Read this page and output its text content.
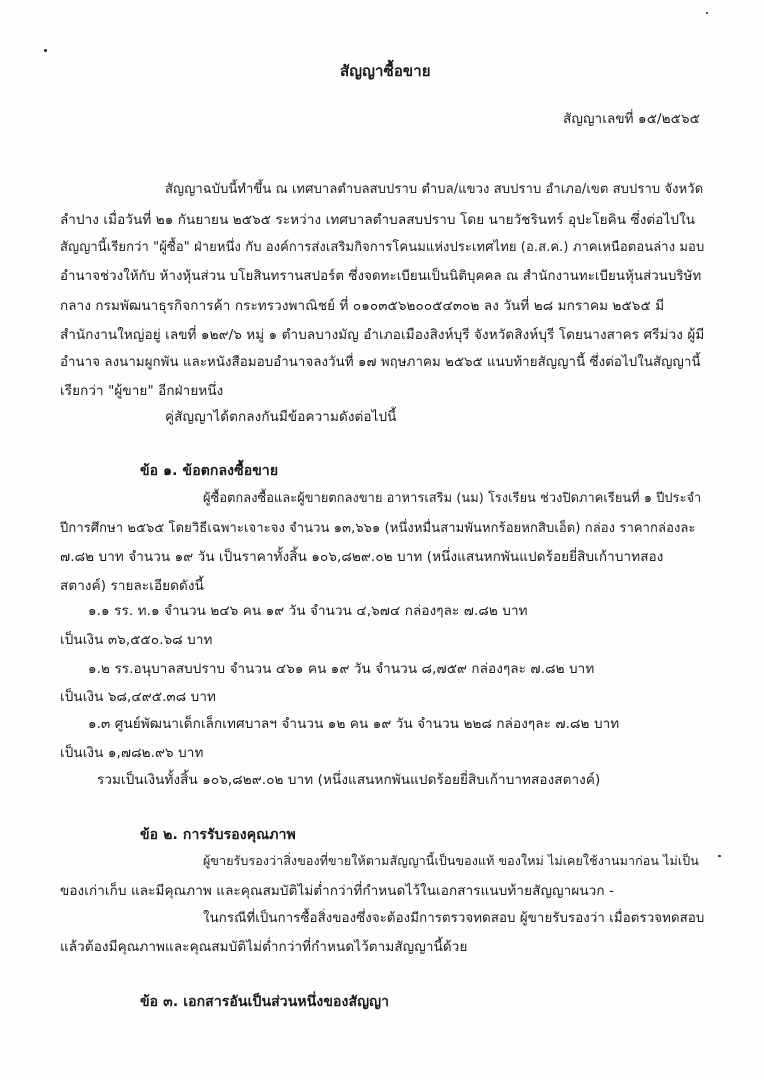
สัญญาซื้อขาย
สัญญาเลขที่ ๑๕/๒๕๖๕
สัญญาฉบับนี้ทำขึ้น ณ เทศบาลตำบลสบปราบ ตำบล/แขวง สบปราบ อำเภอ/เขต สบปราบ จังหวัด
ลำปาง เมื่อวันที่ ๒๑ กันยายน ๒๕๖๕ ระหว่าง เทศบาลตำบลสบปราบ โดย นายวัชรินทร์ อุปะโยคิน ซึ่งต่อไปใน
สัญญานี้เรียกว่า "ผู้ซื้อ" ฝ่ายหนึ่ง กับ องค์การส่งเสริมกิจการโคนมแห่งประเทศไทย (อ.ส.ค.) ภาคเหนือตอนล่าง มอบ
อำนาจช่วงให้กับ ห้างหุ้นส่วน บโยสินทรานสปอร์ต ซึ่งจดทะเบียนเป็นนิติบุคคล ณ สำนักงานทะเบียนหุ้นส่วนบริษัท
กลาง กรมพัฒนาธุรกิจการค้า กระทรวงพาณิชย์ ที่ ๐๑๐๓๕๖๒๐๐๕๔๓๐๒ ลง วันที่ ๒๘ มกราคม ๒๕๖๕ มี
สำนักงานใหญ่อยู่ เลขที่ ๑๒๙/๖ หมู่ ๑ ตำบลบางมัญ อำเภอเมืองสิงห์บุรี จังหวัดสิงห์บุรี โดยนางสาคร ศรีม่วง ผู้มี
อำนาจ ลงนามผูกพัน และหนังสือมอบอำนาจลงวันที่ ๑๗ พฤษภาคม ๒๕๖๕ แนบท้ายสัญญานี้ ซึ่งต่อไปในสัญญานี้
เรียกว่า "ผู้ขาย" อีกฝ่ายหนึ่ง
คู่สัญญาได้ตกลงกันมีข้อความดังต่อไปนี้
ข้อ ๑. ข้อตกลงซื้อขาย
ผู้ซื้อตกลงซื้อและผู้ขายตกลงขาย อาหารเสริม (นม) โรงเรียน ช่วงปิดภาคเรียนที่ ๑ ปีประจำ
ปีการศึกษา ๒๕๖๕ โดยวิธีเฉพาะเจาะจง จำนวน ๑๓,๖๖๑ (หนึ่งหมื่นสามพันหกร้อยหกสิบเอ็ด) กล่อง ราคากล่องละ
๗.๘๒ บาท จำนวน ๑๙ วัน เป็นราคาทั้งสิ้น ๑๐๖,๘๒๙.๐๒ บาท (หนึ่งแสนหกพันแปดร้อยยี่สิบเก้าบาทสอง
สตางค์) รายละเอียดดังนี้
๑.๑ รร. ท.๑ จำนวน ๒๔๖ คน ๑๙ วัน จำนวน ๔,๖๗๔ กล่องๆละ ๗.๘๒ บาท
เป็นเงิน ๓๖,๕๕๐.๖๘ บาท
๑.๒ รร.อนุบาลสบปราบ จำนวน ๔๖๑ คน ๑๙ วัน จำนวน ๘,๗๕๙ กล่องๆละ ๗.๘๒ บาท
เป็นเงิน ๖๘,๔๙๕.๓๘ บาท
๑.๓ ศูนย์พัฒนาเด็กเล็กเทศบาลฯ จำนวน ๑๒ คน ๑๙ วัน จำนวน ๒๒๘ กล่องๆละ ๗.๘๒ บาท
เป็นเงิน ๑,๗๘๒.๙๖ บาท
รวมเป็นเงินทั้งสิ้น ๑๐๖,๘๒๙.๐๒ บาท (หนึ่งแสนหกพันแปดร้อยยี่สิบเก้าบาทสองสตางค์)
ข้อ ๒. การรับรองคุณภาพ
ผู้ขายรับรองว่าสิ่งของที่ขายให้ตามสัญญานี้เป็นของแท้ ของใหม่ ไม่เคยใช้งานมาก่อน ไม่เป็น
ของเก่าเก็บ และมีคุณภาพ และคุณสมบัติไม่ต่ำกว่าที่กำหนดไว้ในเอกสารแนบท้ายสัญญาผนวก -
ในกรณีที่เป็นการซื้อสิ่งของซึ่งจะต้องมีการตรวจทดสอบ ผู้ขายรับรองว่า เมื่อตรวจทดสอบ
แล้วต้องมีคุณภาพและคุณสมบัติไม่ต่ำกว่าที่กำหนดไว้ตามสัญญานี้ด้วย
ข้อ ๓. เอกสารอันเป็นส่วนหนึ่งของสัญญา
